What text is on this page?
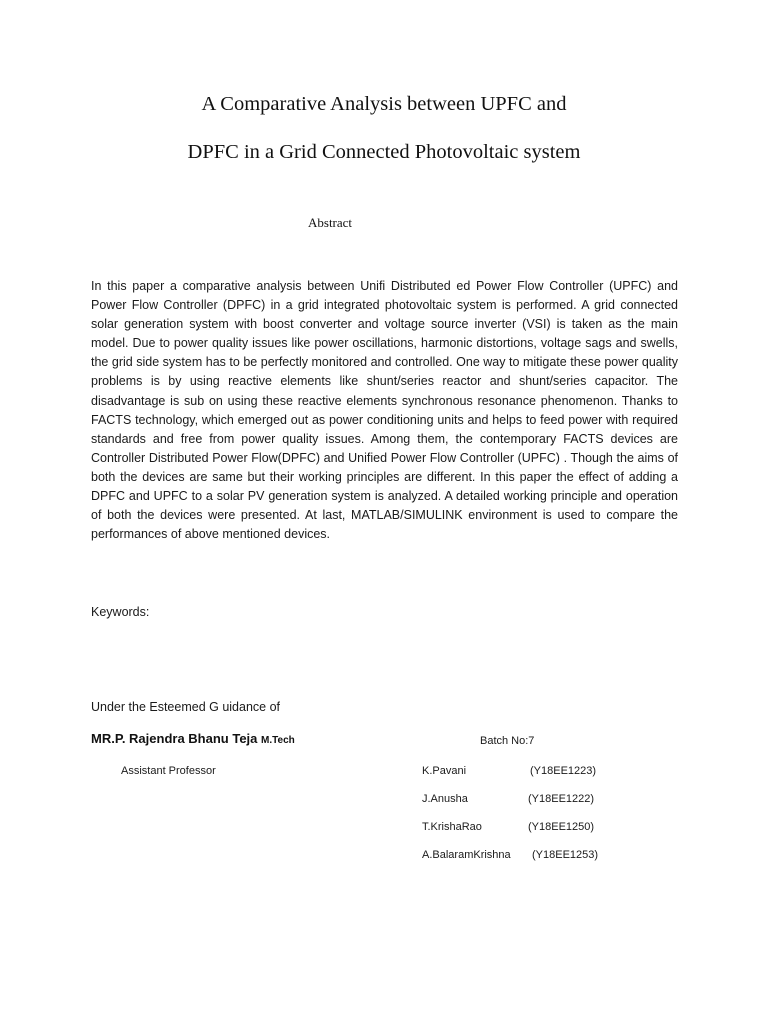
A Comparative Analysis between UPFC and
DPFC in a Grid Connected Photovoltaic system
Abstract
In this paper a comparative analysis between Unifi Distributed ed Power Flow Controller (UPFC) and Power Flow Controller (DPFC) in a grid integrated photovoltaic system is performed. A grid connected solar generation system with boost converter and voltage source inverter (VSI) is taken as the main model. Due to power quality issues like power oscillations, harmonic distortions, voltage sags and swells, the grid side system has to be perfectly monitored and controlled. One way to mitigate these power quality problems is by using reactive elements like shunt/series reactor and shunt/series capacitor. The disadvantage is sub on using these reactive elements synchronous resonance phenomenon. Thanks to FACTS technology, which emerged out as power conditioning units and helps to feed power with required standards and free from power quality issues. Among them, the contemporary FACTS devices are Controller Distributed Power Flow(DPFC) and Unified Power Flow Controller (UPFC) . Though the aims of both the devices are same but their working principles are different. In this paper the effect of adding a DPFC and UPFC to a solar PV generation system is analyzed. A detailed working principle and operation of both the devices were presented. At last, MATLAB/SIMULINK environment is used to compare the performances of above mentioned devices.
Keywords:
Under the Esteemed G uidance of
MR.P. Rajendra Bhanu Teja M.Tech	Batch No:7
Assistant Professor	K.Pavani	(Y18EE1223)
J.Anusha	(Y18EE1222)
T.KrishaRao	(Y18EE1250)
A.BalaramKrishna (Y18EE1253)
